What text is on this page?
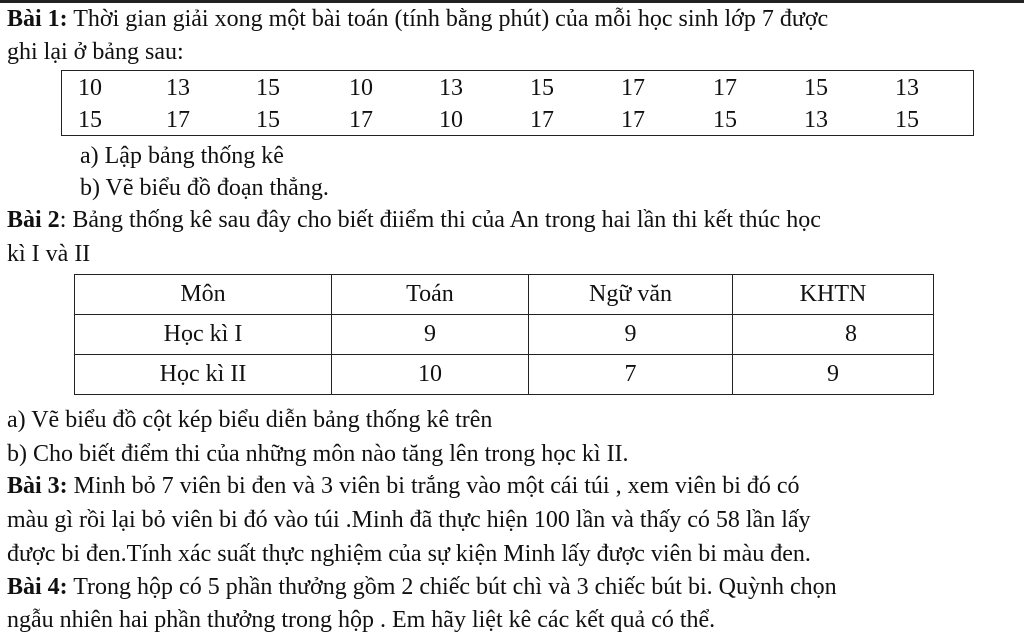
Bài 1: Thời gian giải xong một bài toán (tính bằng phút) của mỗi học sinh lớp 7 được
ghi lại ở bảng sau:
10	13	15	10	13	15	17	17	15	13
15	17	15	17	10	17	17	15	13	15
a) Lập bảng thống kê
b) Vẽ biểu đồ đoạn thẳng.
Bài 2: Bảng thống kê sau đây cho biết điiểm thi của An trong hai lần thi kết thúc học
kì I và II
Môn	Toán	Ngữ văn	KHTN
Học kì I	9	9	8
Học kì II	10	7	9
a) Vẽ biểu đồ cột kép biểu diễn bảng thống kê trên
b) Cho biết điểm thi của những môn nào tăng lên trong học kì II.
Bài 3: Minh bỏ 7 viên bi đen và 3 viên bi trắng vào một cái túi , xem viên bi đó có
màu gì rồi lại bỏ viên bi đó vào túi .Minh đã thực hiện 100 lần và thấy có 58 lần lấy
được bi đen.Tính xác suất thực nghiệm của sự kiện Minh lấy được viên bi màu đen.
Bài 4: Trong hộp có 5 phần thưởng gồm 2 chiếc bút chì và 3 chiếc bút bi. Quỳnh chọn
ngẫu nhiên hai phần thưởng trong hộp . Em hãy liệt kê các kết quả có thể.
